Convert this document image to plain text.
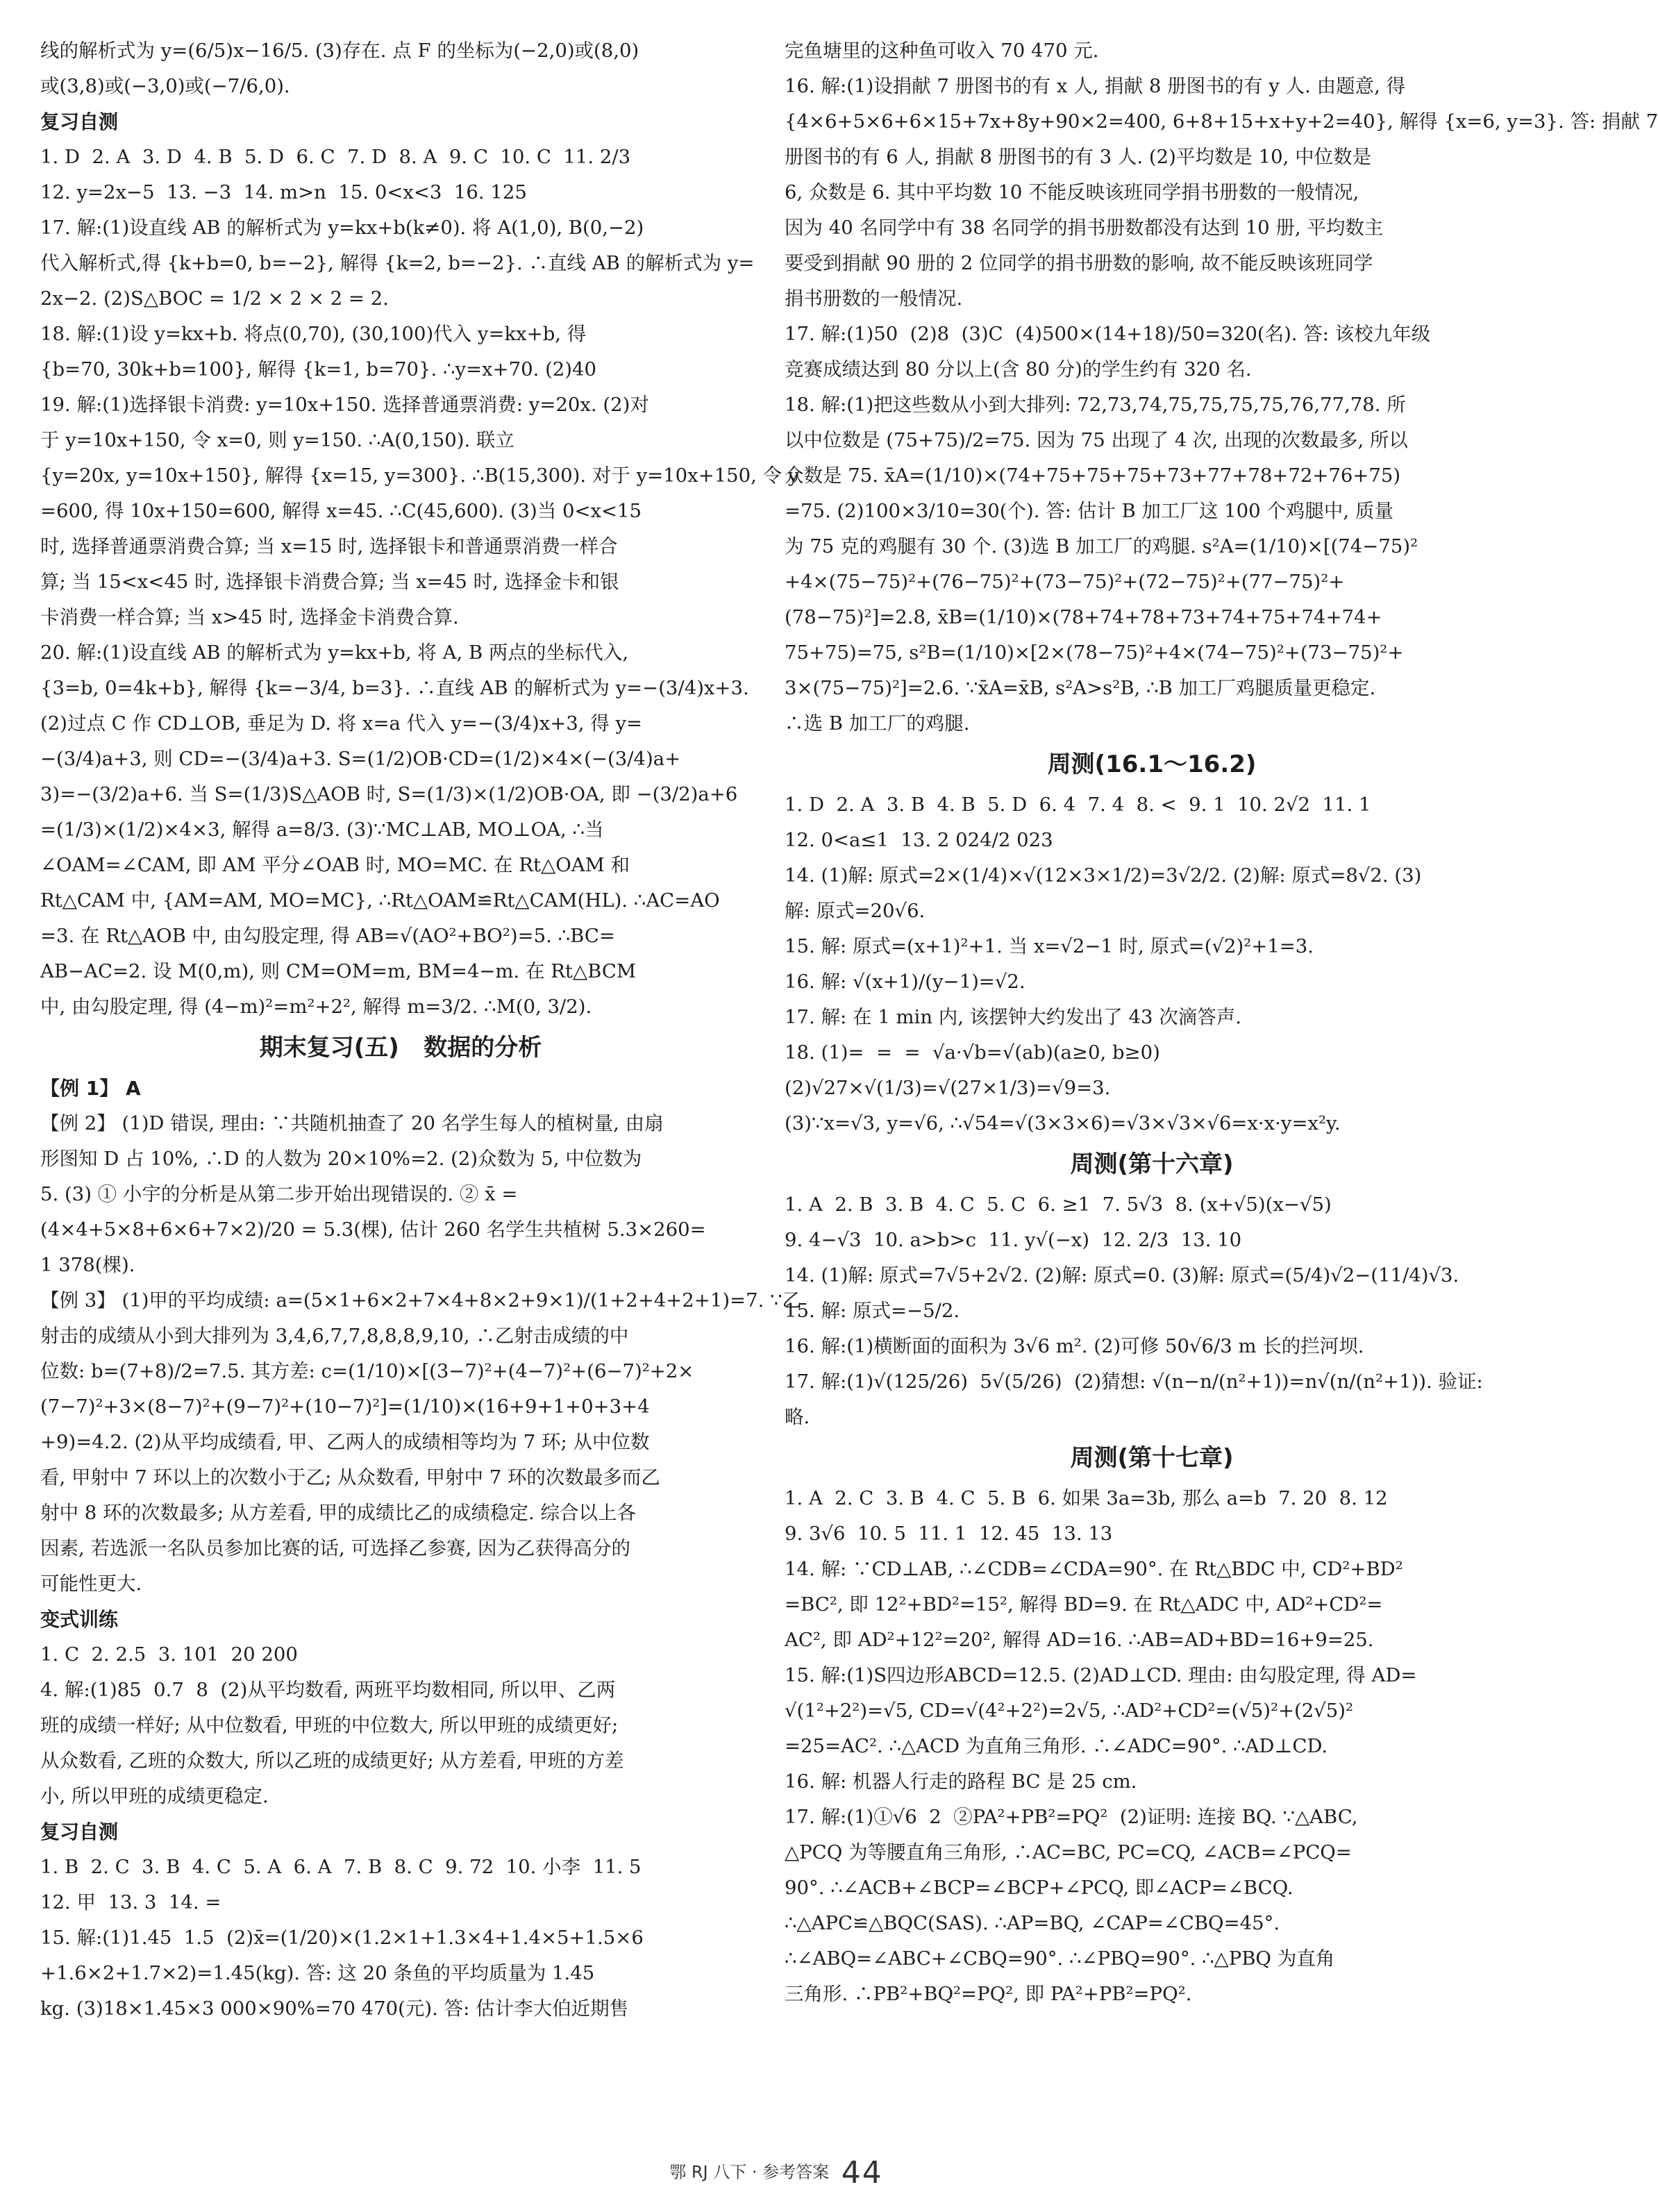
线的解析式为 y=(6/5)x−16/5. (3)存在. 点 F 的坐标为(−2,0)或(8,0)
或(3,8)或(−3,0)或(−7/6,0).
复习自测
1. D  2. A  3. D  4. B  5. D  6. C  7. D  8. A  9. C  10. C  11. 2/3
12. y=2x−5  13. −3  14. m>n  15. 0<x<3  16. 125
17. 解:(1)设直线 AB 的解析式为 y=kx+b(k≠0). 将 A(1,0), B(0,−2)
代入解析式,得 {k+b=0, b=−2}, 解得 {k=2, b=−2}. ∴直线 AB 的解析式为 y=
2x−2. (2)S△BOC = 1/2 × 2 × 2 = 2.
18. 解:(1)设 y=kx+b. 将点(0,70), (30,100)代入 y=kx+b, 得
{b=70, 30k+b=100}, 解得 {k=1, b=70}. ∴y=x+70. (2)40
19. 解:(1)选择银卡消费: y=10x+150. 选择普通票消费: y=20x. (2)对
于 y=10x+150, 令 x=0, 则 y=150. ∴A(0,150). 联立
{y=20x, y=10x+150}, 解得 {x=15, y=300}. ∴B(15,300). 对于 y=10x+150, 令 y
=600, 得 10x+150=600, 解得 x=45. ∴C(45,600). (3)当 0<x<15
时, 选择普通票消费合算; 当 x=15 时, 选择银卡和普通票消费一样合
算; 当 15<x<45 时, 选择银卡消费合算; 当 x=45 时, 选择金卡和银
卡消费一样合算; 当 x>45 时, 选择金卡消费合算.
20. 解:(1)设直线 AB 的解析式为 y=kx+b, 将 A, B 两点的坐标代入,
{3=b, 0=4k+b}, 解得 {k=−3/4, b=3}. ∴直线 AB 的解析式为 y=−(3/4)x+3.
(2)过点 C 作 CD⊥OB, 垂足为 D. 将 x=a 代入 y=−(3/4)x+3, 得 y=
−(3/4)a+3, 则 CD=−(3/4)a+3. S=(1/2)OB·CD=(1/2)×4×(−(3/4)a+
3)=−(3/2)a+6. 当 S=(1/3)S△AOB 时, S=(1/3)×(1/2)OB·OA, 即 −(3/2)a+6
=(1/3)×(1/2)×4×3, 解得 a=8/3. (3)∵MC⊥AB, MO⊥OA, ∴当
∠OAM=∠CAM, 即 AM 平分∠OAB 时, MO=MC. 在 Rt△OAM 和
Rt△CAM 中, {AM=AM, MO=MC}, ∴Rt△OAM≌Rt△CAM(HL). ∴AC=AO
=3. 在 Rt△AOB 中, 由勾股定理, 得 AB=√(AO²+BO²)=5. ∴BC=
AB−AC=2. 设 M(0,m), 则 CM=OM=m, BM=4−m. 在 Rt△BCM
中, 由勾股定理, 得 (4−m)²=m²+2², 解得 m=3/2. ∴M(0, 3/2).
期末复习(五)   数据的分析
【例 1】 A
【例 2】 (1)D 错误, 理由: ∵共随机抽查了 20 名学生每人的植树量, 由扇
形图知 D 占 10%, ∴D 的人数为 20×10%=2. (2)众数为 5, 中位数为
5. (3) ① 小宇的分析是从第二步开始出现错误的. ② x̄ =
(4×4+5×8+6×6+7×2)/20 = 5.3(棵), 估计 260 名学生共植树 5.3×260=
1 378(棵).
【例 3】 (1)甲的平均成绩: a=(5×1+6×2+7×4+8×2+9×1)/(1+2+4+2+1)=7. ∵乙
射击的成绩从小到大排列为 3,4,6,7,7,8,8,8,9,10, ∴乙射击成绩的中
位数: b=(7+8)/2=7.5. 其方差: c=(1/10)×[(3−7)²+(4−7)²+(6−7)²+2×
(7−7)²+3×(8−7)²+(9−7)²+(10−7)²]=(1/10)×(16+9+1+0+3+4
+9)=4.2. (2)从平均成绩看, 甲、乙两人的成绩相等均为 7 环; 从中位数
看, 甲射中 7 环以上的次数小于乙; 从众数看, 甲射中 7 环的次数最多而乙
射中 8 环的次数最多; 从方差看, 甲的成绩比乙的成绩稳定. 综合以上各
因素, 若选派一名队员参加比赛的话, 可选择乙参赛, 因为乙获得高分的
可能性更大.
变式训练
1. C  2. 2.5  3. 101  20 200
4. 解:(1)85  0.7  8  (2)从平均数看, 两班平均数相同, 所以甲、乙两
班的成绩一样好; 从中位数看, 甲班的中位数大, 所以甲班的成绩更好;
从众数看, 乙班的众数大, 所以乙班的成绩更好; 从方差看, 甲班的方差
小, 所以甲班的成绩更稳定.
复习自测
1. B  2. C  3. B  4. C  5. A  6. A  7. B  8. C  9. 72  10. 小李  11. 5
12. 甲  13. 3  14. =
15. 解:(1)1.45  1.5  (2)x̄=(1/20)×(1.2×1+1.3×4+1.4×5+1.5×6
+1.6×2+1.7×2)=1.45(kg). 答: 这 20 条鱼的平均质量为 1.45
kg. (3)18×1.45×3 000×90%=70 470(元). 答: 估计李大伯近期售
完鱼塘里的这种鱼可收入 70 470 元.
16. 解:(1)设捐献 7 册图书的有 x 人, 捐献 8 册图书的有 y 人. 由题意, 得
{4×6+5×6+6×15+7x+8y+90×2=400, 6+8+15+x+y+2=40}, 解得 {x=6, y=3}. 答: 捐献 7
册图书的有 6 人, 捐献 8 册图书的有 3 人. (2)平均数是 10, 中位数是
6, 众数是 6. 其中平均数 10 不能反映该班同学捐书册数的一般情况,
因为 40 名同学中有 38 名同学的捐书册数都没有达到 10 册, 平均数主
要受到捐献 90 册的 2 位同学的捐书册数的影响, 故不能反映该班同学
捐书册数的一般情况.
17. 解:(1)50  (2)8  (3)C  (4)500×(14+18)/50=320(名). 答: 该校九年级
竞赛成绩达到 80 分以上(含 80 分)的学生约有 320 名.
18. 解:(1)把这些数从小到大排列: 72,73,74,75,75,75,75,76,77,78. 所
以中位数是 (75+75)/2=75. 因为 75 出现了 4 次, 出现的次数最多, 所以
众数是 75. x̄A=(1/10)×(74+75+75+75+73+77+78+72+76+75)
=75. (2)100×3/10=30(个). 答: 估计 B 加工厂这 100 个鸡腿中, 质量
为 75 克的鸡腿有 30 个. (3)选 B 加工厂的鸡腿. s²A=(1/10)×[(74−75)²
+4×(75−75)²+(76−75)²+(73−75)²+(72−75)²+(77−75)²+
(78−75)²]=2.8, x̄B=(1/10)×(78+74+78+73+74+75+74+74+
75+75)=75, s²B=(1/10)×[2×(78−75)²+4×(74−75)²+(73−75)²+
3×(75−75)²]=2.6. ∵x̄A=x̄B, s²A>s²B, ∴B 加工厂鸡腿质量更稳定.
∴选 B 加工厂的鸡腿.
周测(16.1～16.2)
1. D  2. A  3. B  4. B  5. D  6. 4  7. 4  8. <  9. 1  10. 2√2  11. 1
12. 0<a≤1  13. 2 024/2 023
14. (1)解: 原式=2×(1/4)×√(12×3×1/2)=3√2/2. (2)解: 原式=8√2. (3)
解: 原式=20√6.
15. 解: 原式=(x+1)²+1. 当 x=√2−1 时, 原式=(√2)²+1=3.
16. 解: √(x+1)/(y−1)=√2.
17. 解: 在 1 min 内, 该摆钟大约发出了 43 次滴答声.
18. (1)=  =  =  √a·√b=√(ab)(a≥0, b≥0)
(2)√27×√(1/3)=√(27×1/3)=√9=3.
(3)∵x=√3, y=√6, ∴√54=√(3×3×6)=√3×√3×√6=x·x·y=x²y.
周测(第十六章)
1. A  2. B  3. B  4. C  5. C  6. ≥1  7. 5√3  8. (x+√5)(x−√5)
9. 4−√3  10. a>b>c  11. y√(−x)  12. 2/3  13. 10
14. (1)解: 原式=7√5+2√2. (2)解: 原式=0. (3)解: 原式=(5/4)√2−(11/4)√3.
15. 解: 原式=−5/2.
16. 解:(1)横断面的面积为 3√6 m². (2)可修 50√6/3 m 长的拦河坝.
17. 解:(1)√(125/26)  5√(5/26)  (2)猜想: √(n−n/(n²+1))=n√(n/(n²+1)). 验证:
略.
周测(第十七章)
1. A  2. C  3. B  4. C  5. B  6. 如果 3a=3b, 那么 a=b  7. 20  8. 12
9. 3√6  10. 5  11. 1  12. 45  13. 13
14. 解: ∵CD⊥AB, ∴∠CDB=∠CDA=90°. 在 Rt△BDC 中, CD²+BD²
=BC², 即 12²+BD²=15², 解得 BD=9. 在 Rt△ADC 中, AD²+CD²=
AC², 即 AD²+12²=20², 解得 AD=16. ∴AB=AD+BD=16+9=25.
15. 解:(1)S四边形ABCD=12.5. (2)AD⊥CD. 理由: 由勾股定理, 得 AD=
√(1²+2²)=√5, CD=√(4²+2²)=2√5, ∴AD²+CD²=(√5)²+(2√5)²
=25=AC². ∴△ACD 为直角三角形. ∴∠ADC=90°. ∴AD⊥CD.
16. 解: 机器人行走的路程 BC 是 25 cm.
17. 解:(1)①√6  2  ②PA²+PB²=PQ²  (2)证明: 连接 BQ. ∵△ABC,
△PCQ 为等腰直角三角形, ∴AC=BC, PC=CQ, ∠ACB=∠PCQ=
90°. ∴∠ACB+∠BCP=∠BCP+∠PCQ, 即∠ACP=∠BCQ.
∴△APC≌△BQC(SAS). ∴AP=BQ, ∠CAP=∠CBQ=45°.
∴∠ABQ=∠ABC+∠CBQ=90°. ∴∠PBQ=90°. ∴△PBQ 为直角
三角形. ∴PB²+BQ²=PQ², 即 PA²+PB²=PQ².
鄂 RJ 八下 · 参考答案 44
